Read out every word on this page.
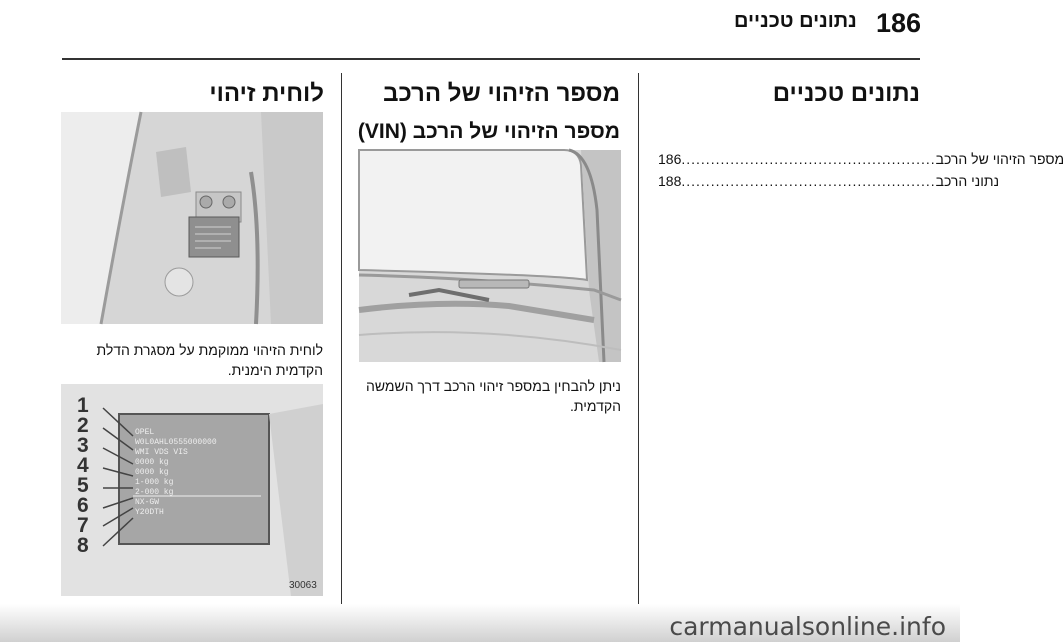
186
נתונים טכניים
נתונים טכניים
186 .................................................... מספר הזיהוי של הרכב
188 .................................................... נתוני הרכב
מספר הזיהוי של הרכב
מספר הזיהוי של הרכב (VIN)
ניתן להבחין במספר זיהוי הרכב דרך השמשה הקדמית.
לוחית זיהוי
לוחית הזיהוי ממוקמת על מסגרת הדלת הקדמית הימנית.
1
2
3
4
5
6
7
8
OPEL
W0L0AHL0555000000
WMI VDS VIS
0000 kg
0000 kg
1-000 kg
2-000 kg
NX-GW
Y20DTH
30063
carmanualsonline.info
